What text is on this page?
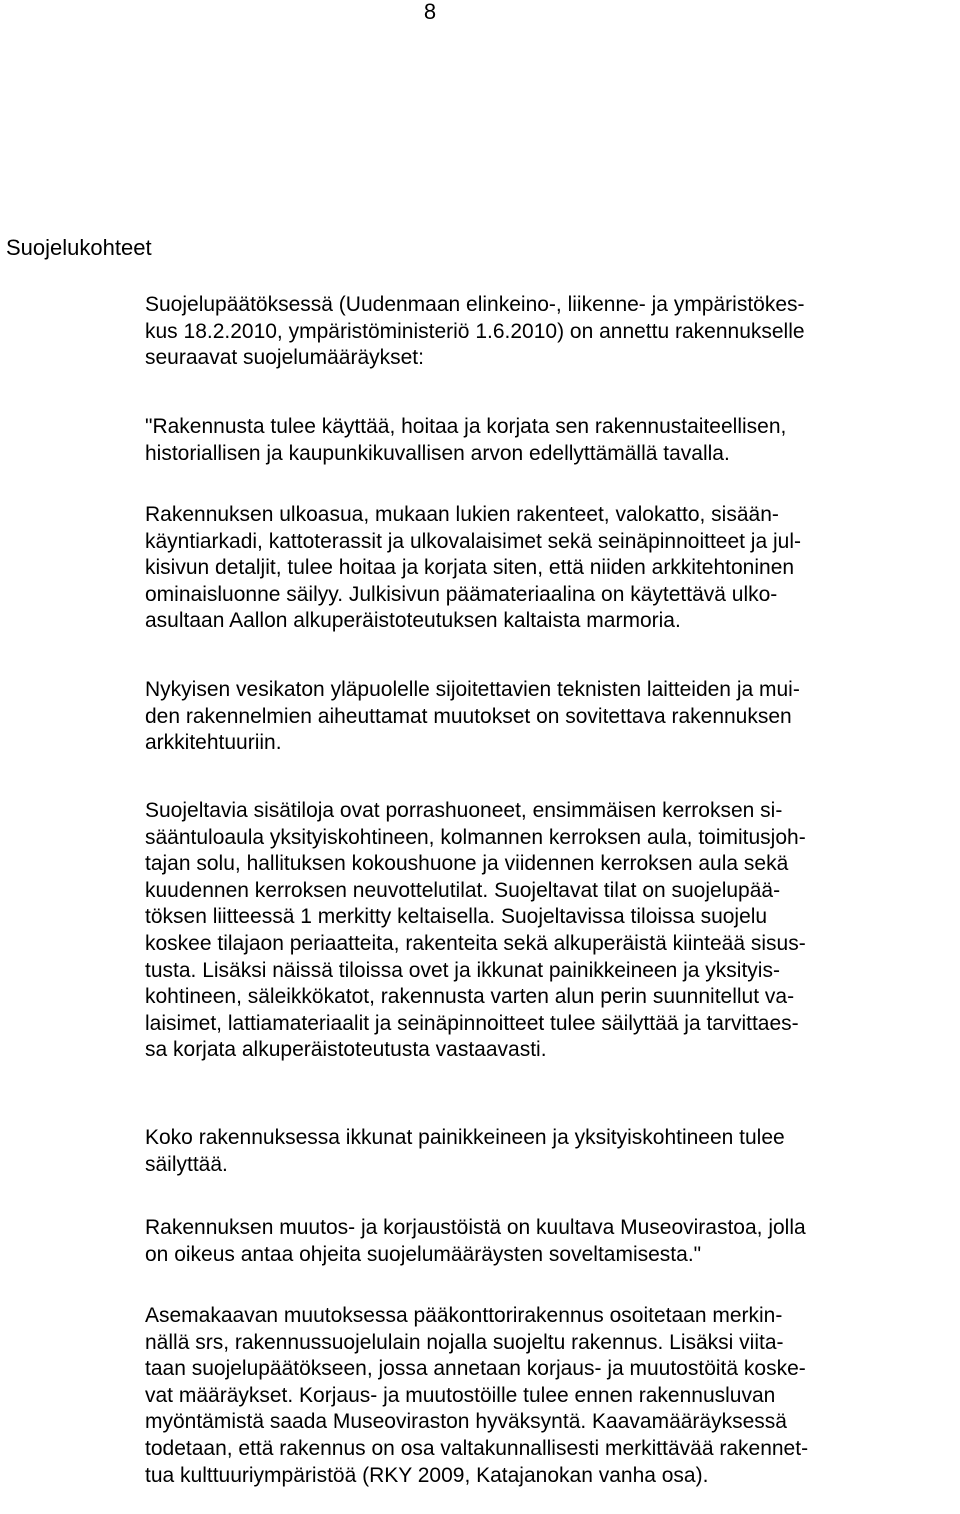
8
Suojelukohteet

Suojelupäätöksessä (Uudenmaan elinkeino-, liikenne- ja ympäristökes-
kus 18.2.2010, ympäristöministeriö 1.6.2010) on annettu rakennukselle
seuraavat suojelumääräykset:

"Rakennusta tulee käyttää, hoitaa ja korjata sen rakennustaiteellisen,
historiallisen ja kaupunkikuvallisen arvon edellyttämällä tavalla.

Rakennuksen ulkoasua, mukaan lukien rakenteet, valokatto, sisään-
käyntiarkadi, kattoterassit ja ulkovalaisimet sekä seinäpinnoitteet ja jul-
kisivun detaljit, tulee hoitaa ja korjata siten, että niiden arkkitehtoninen
ominaisluonne säilyy. Julkisivun päämateriaalina on käytettävä ulko-
asultaan Aallon alkuperäistoteutuksen kaltaista marmoria.

Nykyisen vesikaton yläpuolelle sijoitettavien teknisten laitteiden ja mui-
den rakennelmien aiheuttamat muutokset on sovitettava rakennuksen
arkkitehtuuriin.

Suojeltavia sisätiloja ovat porrashuoneet, ensimmäisen kerroksen si-
sääntuloaula yksityiskohtineen, kolmannen kerroksen aula, toimitusjoh-
tajan solu, hallituksen kokoushuone ja viidennen kerroksen aula sekä
kuudennen kerroksen neuvottelutilat. Suojeltavat tilat on suojelupää-
töksen liitteessä 1 merkitty keltaisella. Suojeltavissa tiloissa suojelu
koskee tilajaon periaatteita, rakenteita sekä alkuperäistä kiinteää sisus-
tusta. Lisäksi näissä tiloissa ovet ja ikkunat painikkeineen ja yksityis-
kohtineen, säleikkökatot, rakennusta varten alun perin suunnitellut va-
laisimet, lattiamateriaalit ja seinäpinnoitteet tulee säilyttää ja tarvittaes-
sa korjata alkuperäistoteutusta vastaavasti.

Koko rakennuksessa ikkunat painikkeineen ja yksityiskohtineen tulee
säilyttää.

Rakennuksen muutos- ja korjaustöistä on kuultava Museovirastoa, jolla
on oikeus antaa ohjeita suojelumääräysten soveltamisesta."

Asemakaavan muutoksessa pääkonttorirakennus osoitetaan merkin-
nällä srs, rakennussuojelulain nojalla suojeltu rakennus. Lisäksi viita-
taan suojelupäätökseen, jossa annetaan korjaus- ja muutostöitä koske-
vat määräykset. Korjaus- ja muutostöille tulee ennen rakennusluvan
myöntämistä saada Museoviraston hyväksyntä. Kaavamääräyksessä
todetaan, että rakennus on osa valtakunnallisesti merkittävää rakennet-
tua kulttuuriympäristöä (RKY 2009, Katajanokan vanha osa).
